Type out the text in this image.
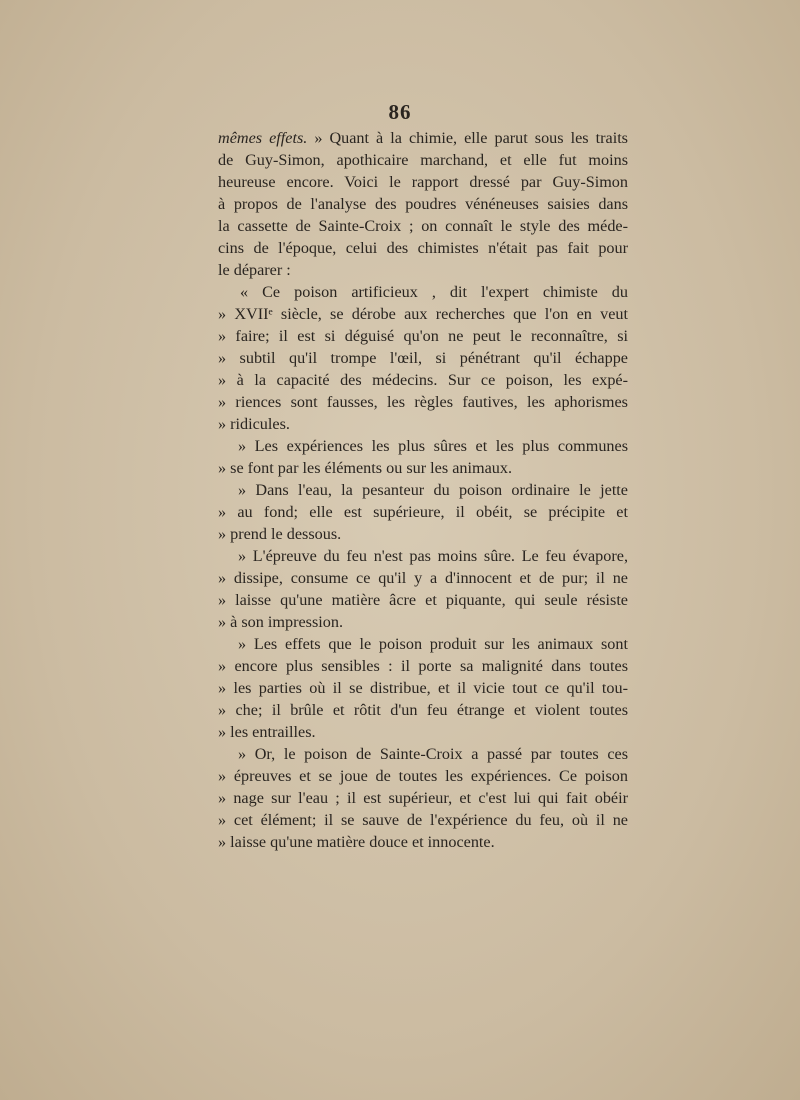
86
mêmes effets. » Quant à la chimie, elle parut sous les traits
de Guy-Simon, apothicaire marchand, et elle fut moins
heureuse encore. Voici le rapport dressé par Guy-Simon
à propos de l'analyse des poudres vénéneuses saisies dans
la cassette de Sainte-Croix ; on connaît le style des méde-
cins de l'époque, celui des chimistes n'était pas fait pour
le déparer :
« Ce poison artificieux , dit l'expert chimiste du
» XVIIᵉ siècle, se dérobe aux recherches que l'on en veut
» faire; il est si déguisé qu'on ne peut le reconnaître, si
» subtil qu'il trompe l'œil, si pénétrant qu'il échappe
» à la capacité des médecins. Sur ce poison, les expé-
» riences sont fausses, les règles fautives, les aphorismes
» ridicules.
» Les expériences les plus sûres et les plus communes
» se font par les éléments ou sur les animaux.
» Dans l'eau, la pesanteur du poison ordinaire le jette
» au fond; elle est supérieure, il obéit, se précipite et
» prend le dessous.
» L'épreuve du feu n'est pas moins sûre. Le feu évapore,
» dissipe, consume ce qu'il y a d'innocent et de pur; il ne
» laisse qu'une matière âcre et piquante, qui seule résiste
» à son impression.
» Les effets que le poison produit sur les animaux sont
» encore plus sensibles : il porte sa malignité dans toutes
» les parties où il se distribue, et il vicie tout ce qu'il tou-
» che; il brûle et rôtit d'un feu étrange et violent toutes
» les entrailles.
» Or, le poison de Sainte-Croix a passé par toutes ces
» épreuves et se joue de toutes les expériences. Ce poison
» nage sur l'eau ; il est supérieur, et c'est lui qui fait obéir
» cet élément; il se sauve de l'expérience du feu, où il ne
» laisse qu'une matière douce et innocente.
